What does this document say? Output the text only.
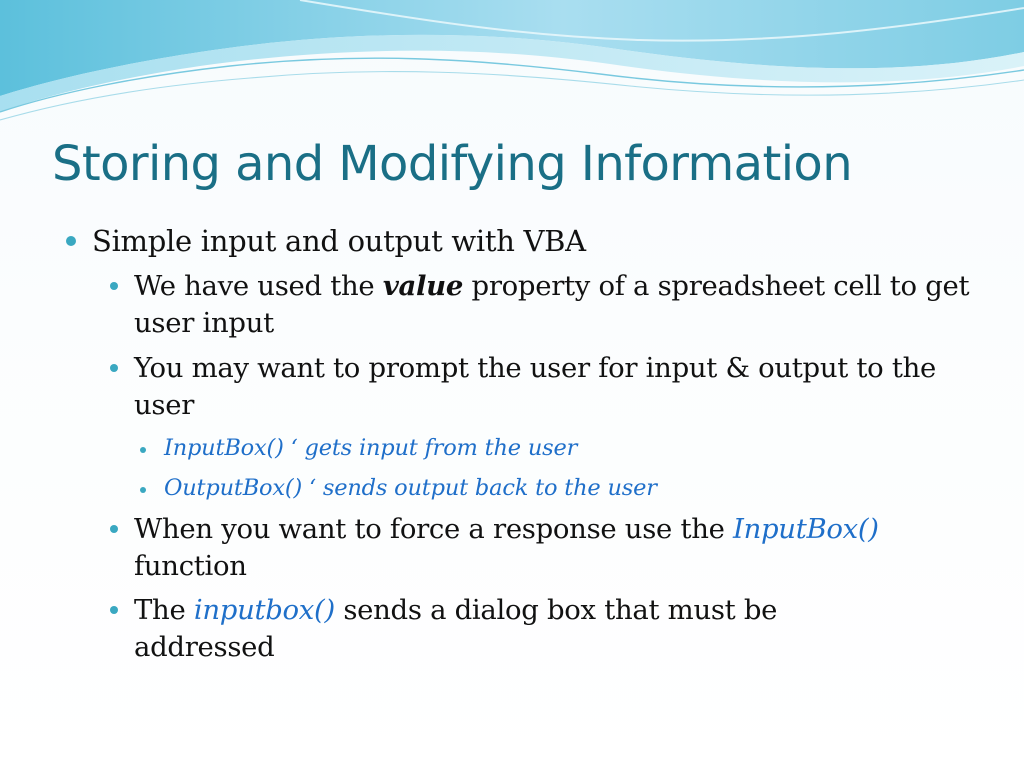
Storing and Modifying Information

Simple input and output with VBA

We have used the value property of a spreadsheet cell to get user input

You may want to prompt the user for input & output to the user

InputBox() ‘ gets input from the user

OutputBox() ‘ sends output back to the user

When you want to force a response use the InputBox() function

The inputbox() sends a dialog box that must be addressed
